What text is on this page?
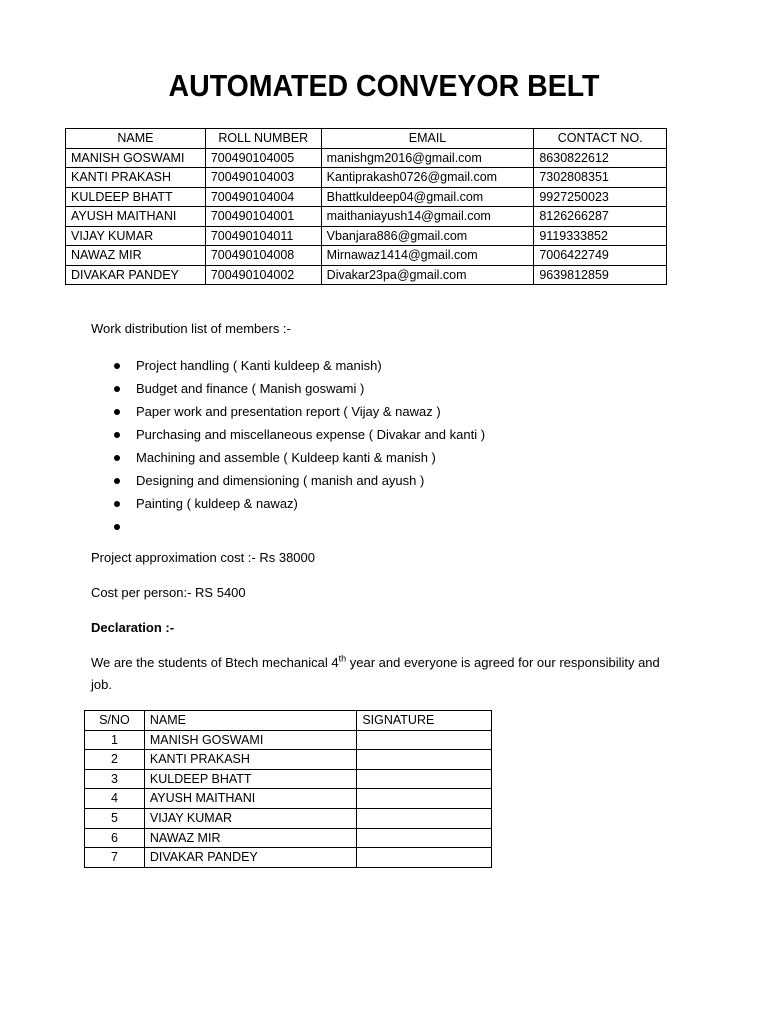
AUTOMATED CONVEYOR BELT
NAME	ROLL NUMBER	EMAIL	CONTACT NO.
MANISH GOSWAMI	700490104005	manishgm2016@gmail.com	8630822612
KANTI PRAKASH	700490104003	Kantiprakash0726@gmail.com	7302808351
KULDEEP BHATT	700490104004	Bhattkuldeep04@gmail.com	9927250023
AYUSH MAITHANI	700490104001	maithaniayush14@gmail.com	8126266287
VIJAY KUMAR	700490104011	Vbanjara886@gmail.com	9119333852
NAWAZ MIR	700490104008	Mirnawaz1414@gmail.com	7006422749
DIVAKAR PANDEY	700490104002	Divakar23pa@gmail.com	9639812859

Work distribution list of members :-

Project handling ( Kanti kuldeep & manish)
Budget and finance ( Manish goswami )
Paper work and presentation report ( Vijay & nawaz )
Purchasing and miscellaneous expense ( Divakar and kanti )
Machining and assemble ( Kuldeep kanti & manish )
Designing and dimensioning ( manish and ayush )
Painting ( kuldeep & nawaz)

Project approximation cost :- Rs 38000

Cost per person:- RS 5400

Declaration :-

We are the students of Btech mechanical 4th year and everyone is agreed for our responsibility and job.

S/NO	NAME	SIGNATURE
1	MANISH GOSWAMI	
2	KANTI PRAKASH	
3	KULDEEP BHATT	
4	AYUSH MAITHANI	
5	VIJAY KUMAR	
6	NAWAZ MIR	
7	DIVAKAR PANDEY	
